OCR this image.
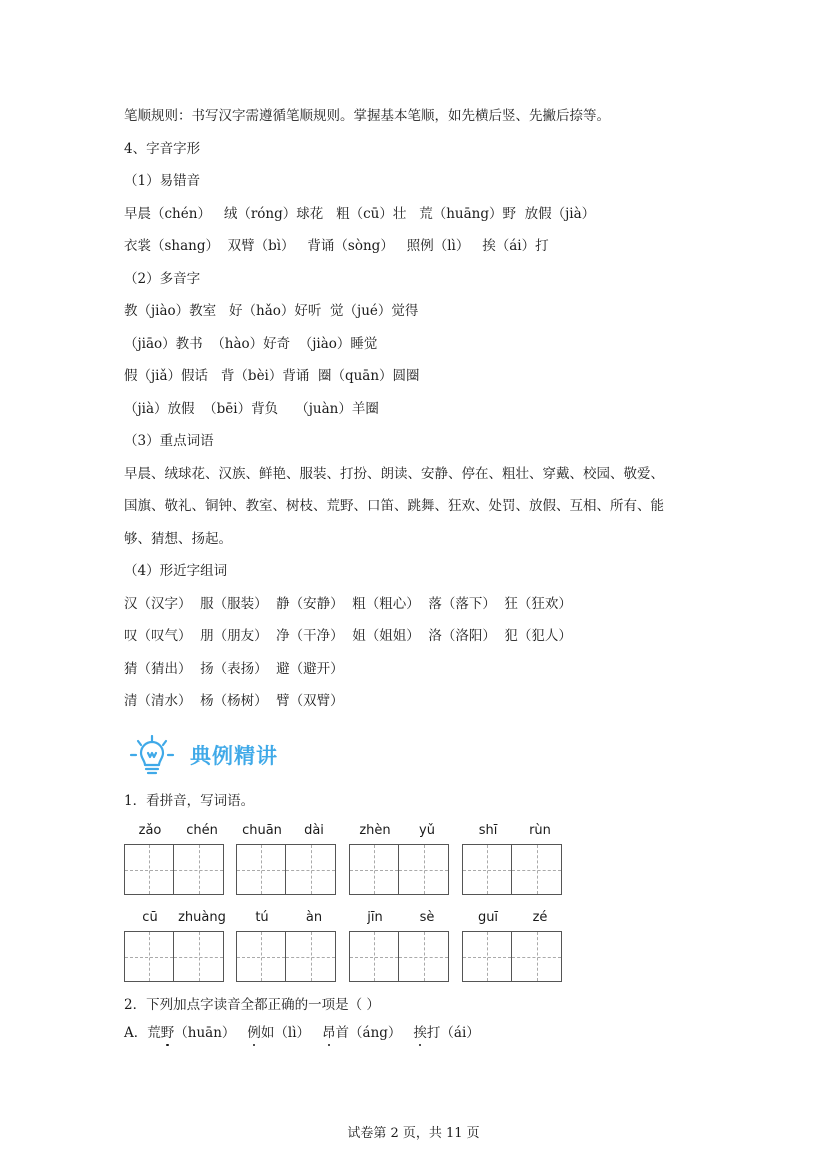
笔顺规则：书写汉字需遵循笔顺规则。掌握基本笔顺，如先横后竖、先撇后捺等。
4、字音字形
（1）易错音
早晨（chén）   绒（róng）球花   粗（cū）壮   荒（huāng）野  放假（jià）
衣裳（shang）  双臂（bì）   背诵（sòng）   照例（lì）   挨（ái）打
（2）多音字
教（jiào）教室   好（hǎo）好听  觉（jué）觉得
（jiāo）教书  （hào）好奇  （jiào）睡觉
假（jiǎ）假话   背（bèi）背诵  圈（quān）圆圈
（jià）放假  （bēi）背负    （juàn）羊圈
（3）重点词语
早晨、绒球花、汉族、鲜艳、服装、打扮、朗读、安静、停在、粗壮、穿戴、校园、敬爱、
国旗、敬礼、铜钟、教室、树枝、荒野、口笛、跳舞、狂欢、处罚、放假、互相、所有、能
够、猜想、扬起。
（4）形近字组词
汉（汉字）  服（服装）  静（安静）  粗（粗心）  落（落下）  狂（狂欢）
叹（叹气）  朋（朋友）  净（干净）  姐（姐姐）  洛（洛阳）  犯（犯人）
猜（猜出）  扬（表扬）  避（避开）
清（清水）  杨（杨树）  臂（双臂）
典例精讲
1．看拼音，写词语。
zǎo	chén	chuān	dài	zhèn	yǔ	shī	rùn
cū	zhuàng	tú	àn	jīn	sè	guī	zé
2．下列加点字读音全都正确的一项是（ ）
A．荒野（huān） 例如（lì） 昂首（áng） 挨打（ái）
试卷第 2 页，共 11 页
